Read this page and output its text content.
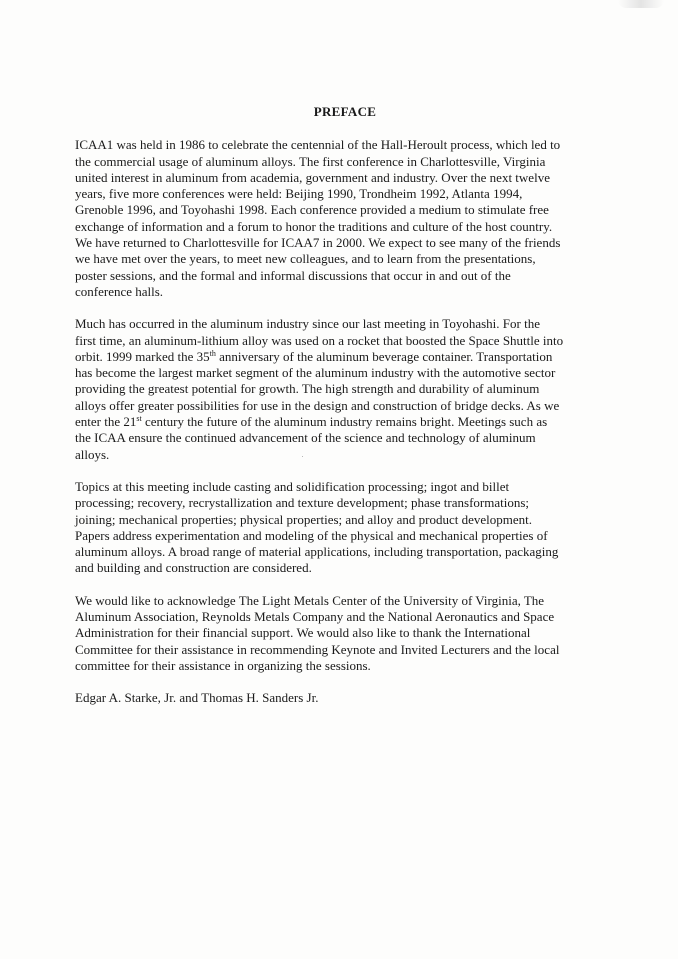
PREFACE
ICAA1 was held in 1986 to celebrate the centennial of the Hall-Heroult process, which led to
the commercial usage of aluminum alloys. The first conference in Charlottesville, Virginia
united interest in aluminum from academia, government and industry. Over the next twelve
years, five more conferences were held: Beijing 1990, Trondheim 1992, Atlanta 1994,
Grenoble 1996, and Toyohashi 1998. Each conference provided a medium to stimulate free
exchange of information and a forum to honor the traditions and culture of the host country.
We have returned to Charlottesville for ICAA7 in 2000. We expect to see many of the friends
we have met over the years, to meet new colleagues, and to learn from the presentations,
poster sessions, and the formal and informal discussions that occur in and out of the
conference halls.
Much has occurred in the aluminum industry since our last meeting in Toyohashi. For the
first time, an aluminum-lithium alloy was used on a rocket that boosted the Space Shuttle into
orbit. 1999 marked the 35th anniversary of the aluminum beverage container. Transportation
has become the largest market segment of the aluminum industry with the automotive sector
providing the greatest potential for growth. The high strength and durability of aluminum
alloys offer greater possibilities for use in the design and construction of bridge decks. As we
enter the 21st century the future of the aluminum industry remains bright. Meetings such as
the ICAA ensure the continued advancement of the science and technology of aluminum
alloys.
Topics at this meeting include casting and solidification processing; ingot and billet
processing; recovery, recrystallization and texture development; phase transformations;
joining; mechanical properties; physical properties; and alloy and product development.
Papers address experimentation and modeling of the physical and mechanical properties of
aluminum alloys. A broad range of material applications, including transportation, packaging
and building and construction are considered.
We would like to acknowledge The Light Metals Center of the University of Virginia, The
Aluminum Association, Reynolds Metals Company and the National Aeronautics and Space
Administration for their financial support. We would also like to thank the International
Committee for their assistance in recommending Keynote and Invited Lecturers and the local
committee for their assistance in organizing the sessions.
Edgar A. Starke, Jr. and Thomas H. Sanders Jr.
